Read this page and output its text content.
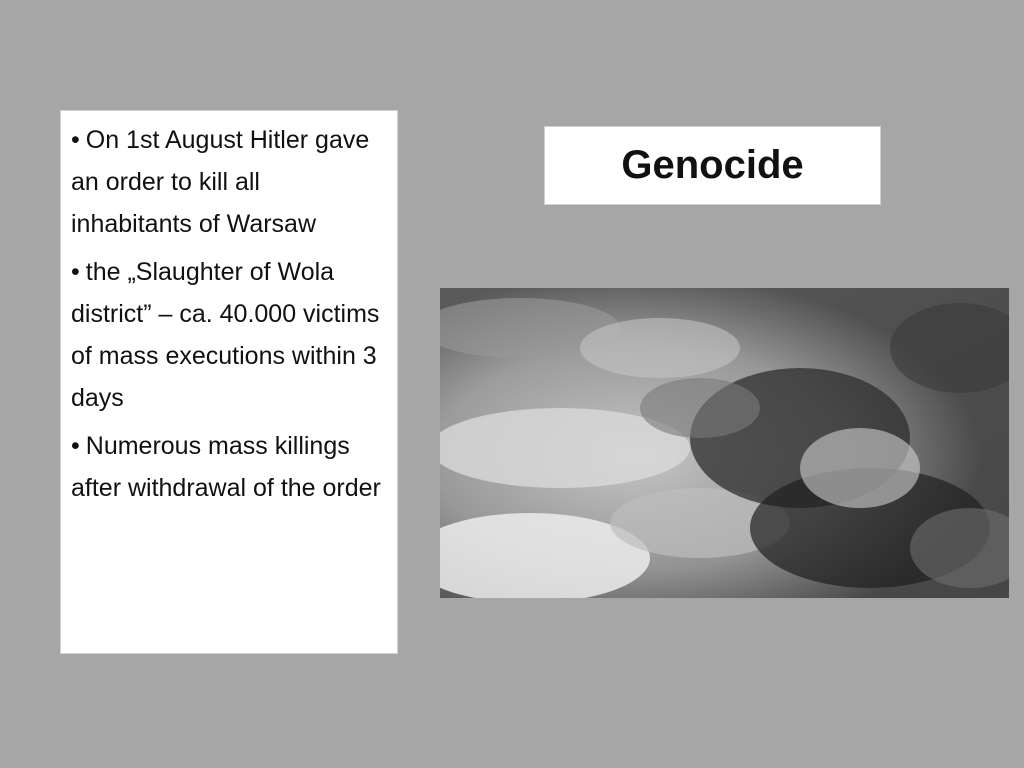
• On 1st August Hitler gave an order to kill all inhabitants of Warsaw
• the „Slaughter of Wola district” – ca. 40.000 victims of mass executions within 3 days
• Numerous mass killings after withdrawal of the order
Genocide
